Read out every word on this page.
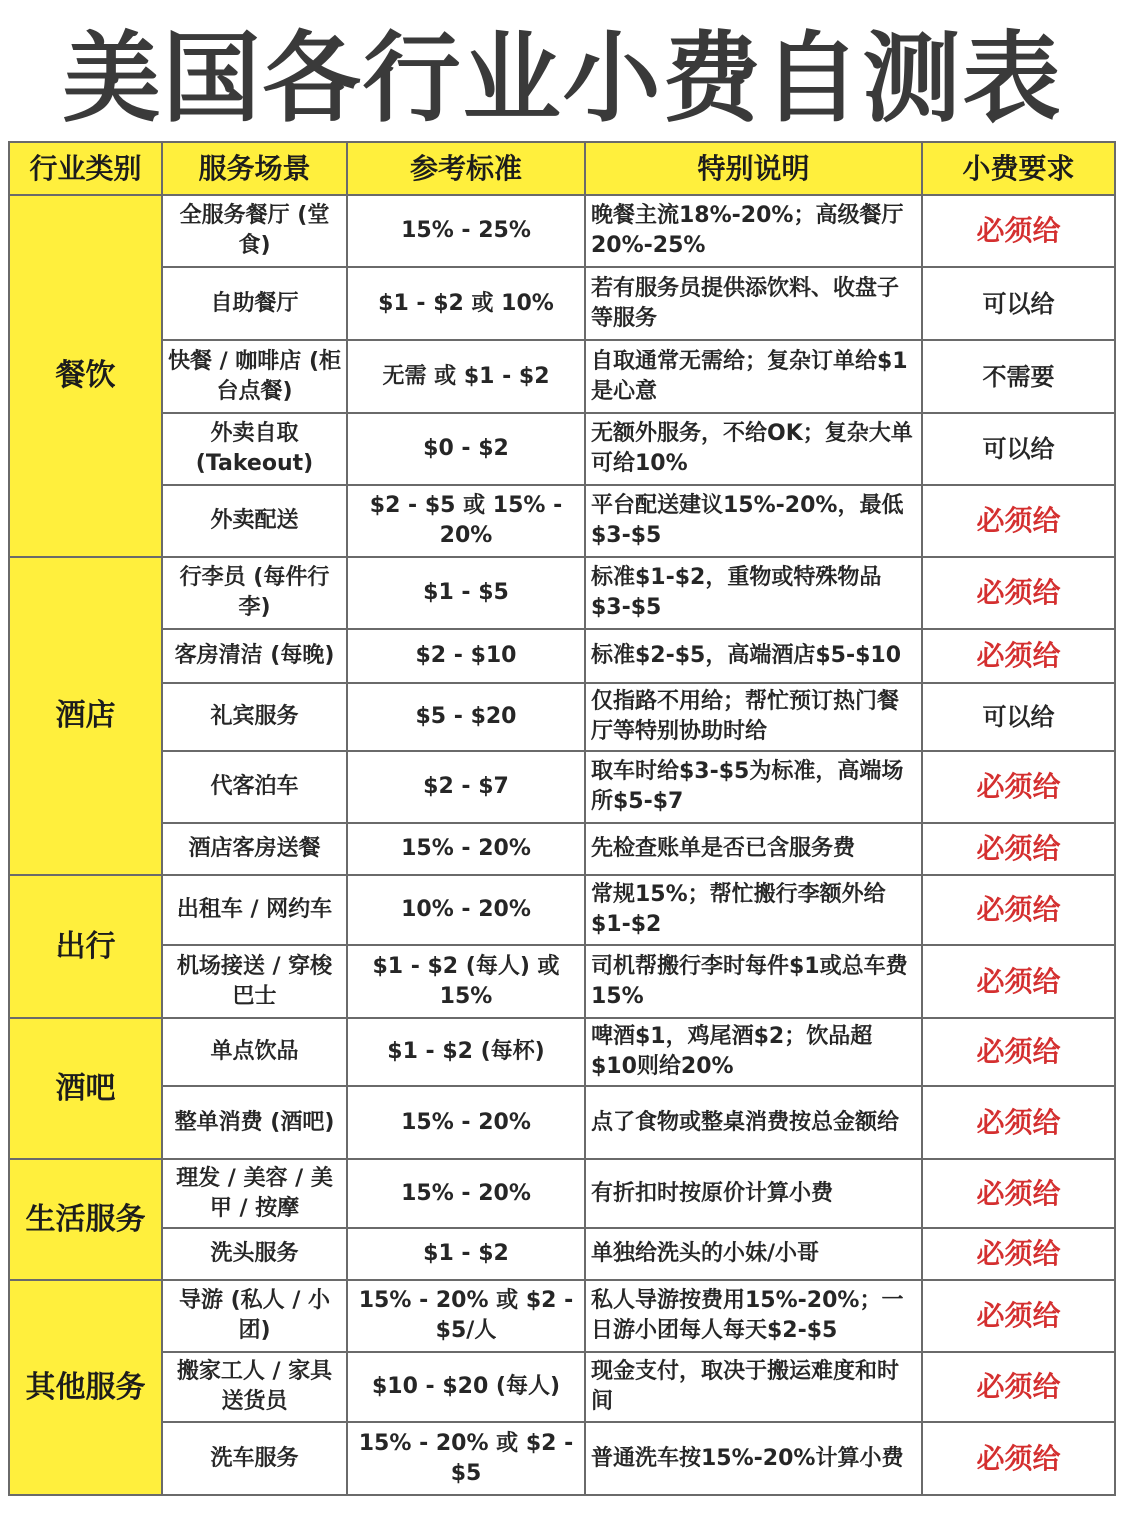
美国各行业小费自测表
行业类别	服务场景	参考标准	特别说明	小费要求
餐饮	全服务餐厅 (堂食)	15% - 25%	晚餐主流18%-20%；高级餐厅20%-25%	必须给
	自助餐厅	$1 - $2 或 10%	若有服务员提供添饮料、收盘子等服务	可以给
	快餐 / 咖啡店 (柜台点餐)	无需 或 $1 - $2	自取通常无需给；复杂订单给$1是心意	不需要
	外卖自取 (Takeout)	$0 - $2	无额外服务，不给OK；复杂大单可给10%	可以给
	外卖配送	$2 - $5 或 15% - 20%	平台配送建议15%-20%，最低$3-$5	必须给
酒店	行李员 (每件行李)	$1 - $5	标准$1-$2，重物或特殊物品$3-$5	必须给
	客房清洁 (每晚)	$2 - $10	标准$2-$5，高端酒店$5-$10	必须给
	礼宾服务	$5 - $20	仅指路不用给；帮忙预订热门餐厅等特别协助时给	可以给
	代客泊车	$2 - $7	取车时给$3-$5为标准，高端场所$5-$7	必须给
	酒店客房送餐	15% - 20%	先检查账单是否已含服务费	必须给
出行	出租车 / 网约车	10% - 20%	常规15%；帮忙搬行李额外给$1-$2	必须给
	机场接送 / 穿梭巴士	$1 - $2 (每人) 或 15%	司机帮搬行李时每件$1或总车费15%	必须给
酒吧	单点饮品	$1 - $2 (每杯)	啤酒$1，鸡尾酒$2；饮品超$10则给20%	必须给
	整单消费 (酒吧)	15% - 20%	点了食物或整桌消费按总金额给	必须给
生活服务	理发 / 美容 / 美甲 / 按摩	15% - 20%	有折扣时按原价计算小费	必须给
	洗头服务	$1 - $2	单独给洗头的小妹/小哥	必须给
其他服务	导游 (私人 / 小团)	15% - 20% 或 $2 - $5/人	私人导游按费用15%-20%；一日游小团每人每天$2-$5	必须给
	搬家工人 / 家具送货员	$10 - $20 (每人)	现金支付，取决于搬运难度和时间	必须给
	洗车服务	15% - 20% 或 $2 - $5	普通洗车按15%-20%计算小费	必须给
